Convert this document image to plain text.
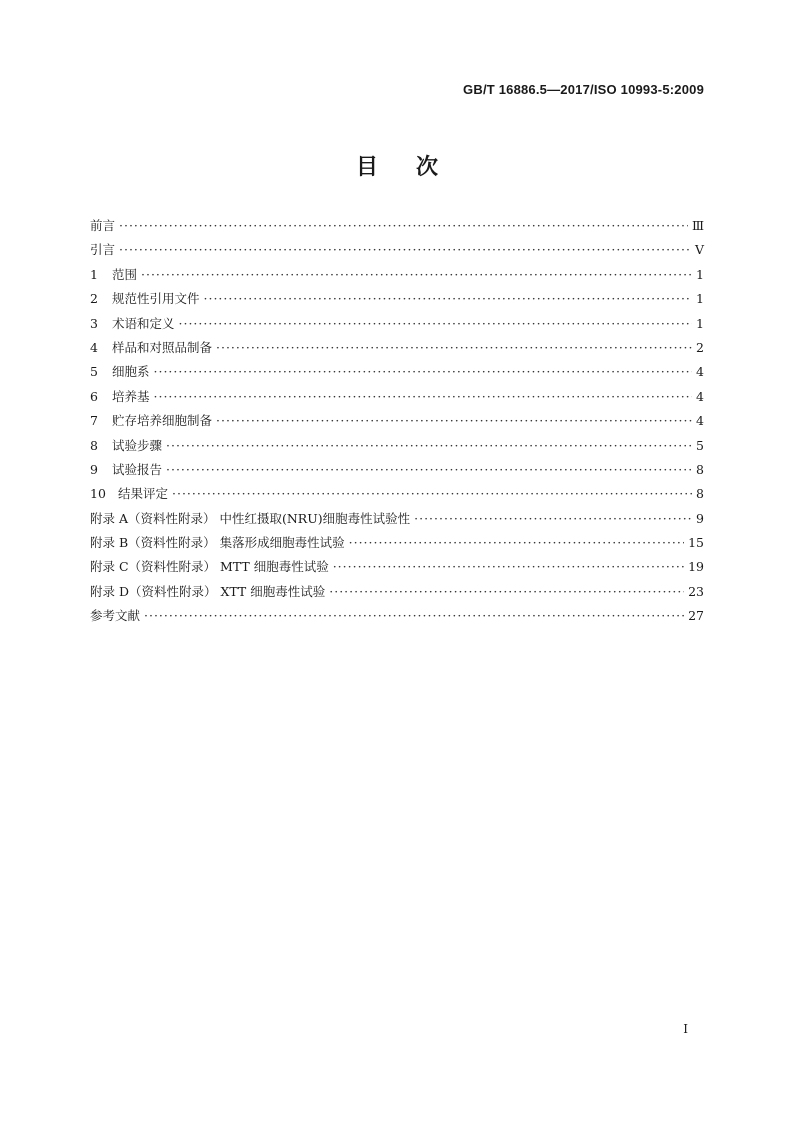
GB/T 16886.5—2017/ISO 10993-5:2009
目 次
前言 ·····	Ⅲ
引言 ·····	V
1	范围 ·····	1
2	规范性引用文件 ·····	1
3	术语和定义 ·····	1
4	样品和对照品制备 ·····	2
5	细胞系 ·····	4
6	培养基 ·····	4
7	贮存培养细胞制备 ·····	4
8	试验步骤 ·····	5
9	试验报告 ·····	8
10 结果评定 ·····	8
附录 A（资料性附录） 中性红摄取(NRU)细胞毒性试验性 ·····	9
附录 B（资料性附录） 集落形成细胞毒性试验 ·····	15
附录 C（资料性附录） MTT 细胞毒性试验 ·····	19
附录 D（资料性附录） XTT 细胞毒性试验 ·····	23
参考文献 ·····	27
I
